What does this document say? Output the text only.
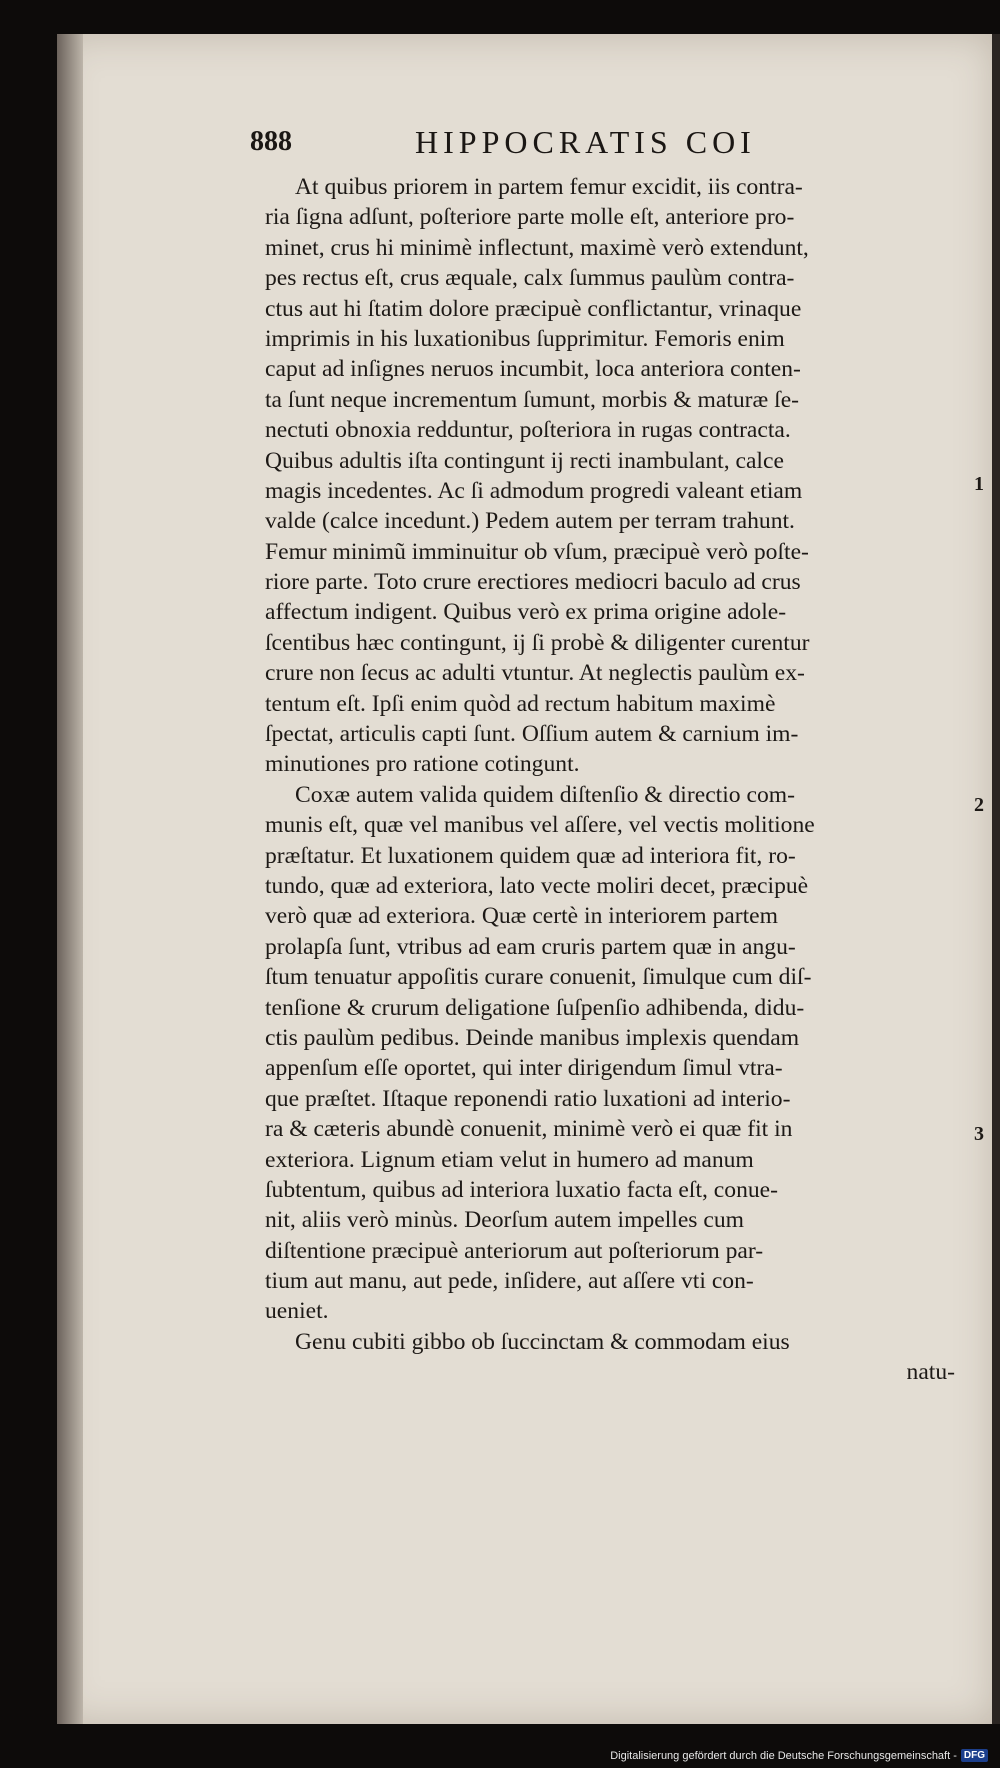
888	HIPPOCRATIS COI
At quibus priorem in partem femur excidit, iis contra-
ria ſigna adſunt, poſteriore parte molle eſt, anteriore pro-
minet, crus hi minimè inflectunt, maximè verò extendunt,
pes rectus eſt, crus æquale, calx ſummus paulùm contra-
ctus aut hi ſtatim dolore præcipuè conflictantur, vrinaque
imprimis in his luxationibus ſupprimitur. Femoris enim
caput ad inſignes neruos incumbit, loca anteriora conten-
ta ſunt neque incrementum ſumunt, morbis & maturæ ſe-
nectuti obnoxia redduntur, poſteriora in rugas contracta.
Quibus adultis iſta contingunt ij recti inambulant, calce
magis incedentes. Ac ſi admodum progredi valeant etiam
valde (calce incedunt.) Pedem autem per terram trahunt.
Femur minimũ imminuitur ob vſum, præcipuè verò poſte-
riore parte. Toto crure erectiores mediocri baculo ad crus
affectum indigent. Quibus verò ex prima origine adole-
ſcentibus hæc contingunt, ij ſi probè & diligenter curentur
crure non ſecus ac adulti vtuntur. At neglectis paulùm ex-
tentum eſt. Ipſi enim quòd ad rectum habitum maximè
ſpectat, articulis capti ſunt. Oſſium autem & carnium im-
minutiones pro ratione cotingunt.
Coxæ autem valida quidem diſtenſio & directio com-
munis eſt, quæ vel manibus vel aſſere, vel vectis molitione
præſtatur. Et luxationem quidem quæ ad interiora fit, ro-
tundo, quæ ad exteriora, lato vecte moliri decet, præcipuè
verò quæ ad exteriora. Quæ certè in interiorem partem
prolapſa ſunt, vtribus ad eam cruris partem quæ in angu-
ſtum tenuatur appoſitis curare conuenit, ſimulque cum diſ-
tenſione & crurum deligatione ſuſpenſio adhibenda, didu-
ctis paulùm pedibus. Deinde manibus implexis quendam
appenſum eſſe oportet, qui inter dirigendum ſimul vtra-
que præſtet. Iſtaque reponendi ratio luxationi ad interio-
ra & cæteris abundè conuenit, minimè verò ei quæ fit in
exteriora. Lignum etiam velut in humero ad manum
ſubtentum, quibus ad interiora luxatio facta eſt, conue-
nit, aliis verò minùs. Deorſum autem impelles cum
diſtentione præcipuè anteriorum aut poſteriorum par-
tium aut manu, aut pede, inſidere, aut aſſere vti con-
ueniet.
Genu cubiti gibbo ob ſuccinctam & commodam eius
natu-
1
2
3
Digitalisierung gefördert durch die Deutsche Forschungsgemeinschaft - DFG
